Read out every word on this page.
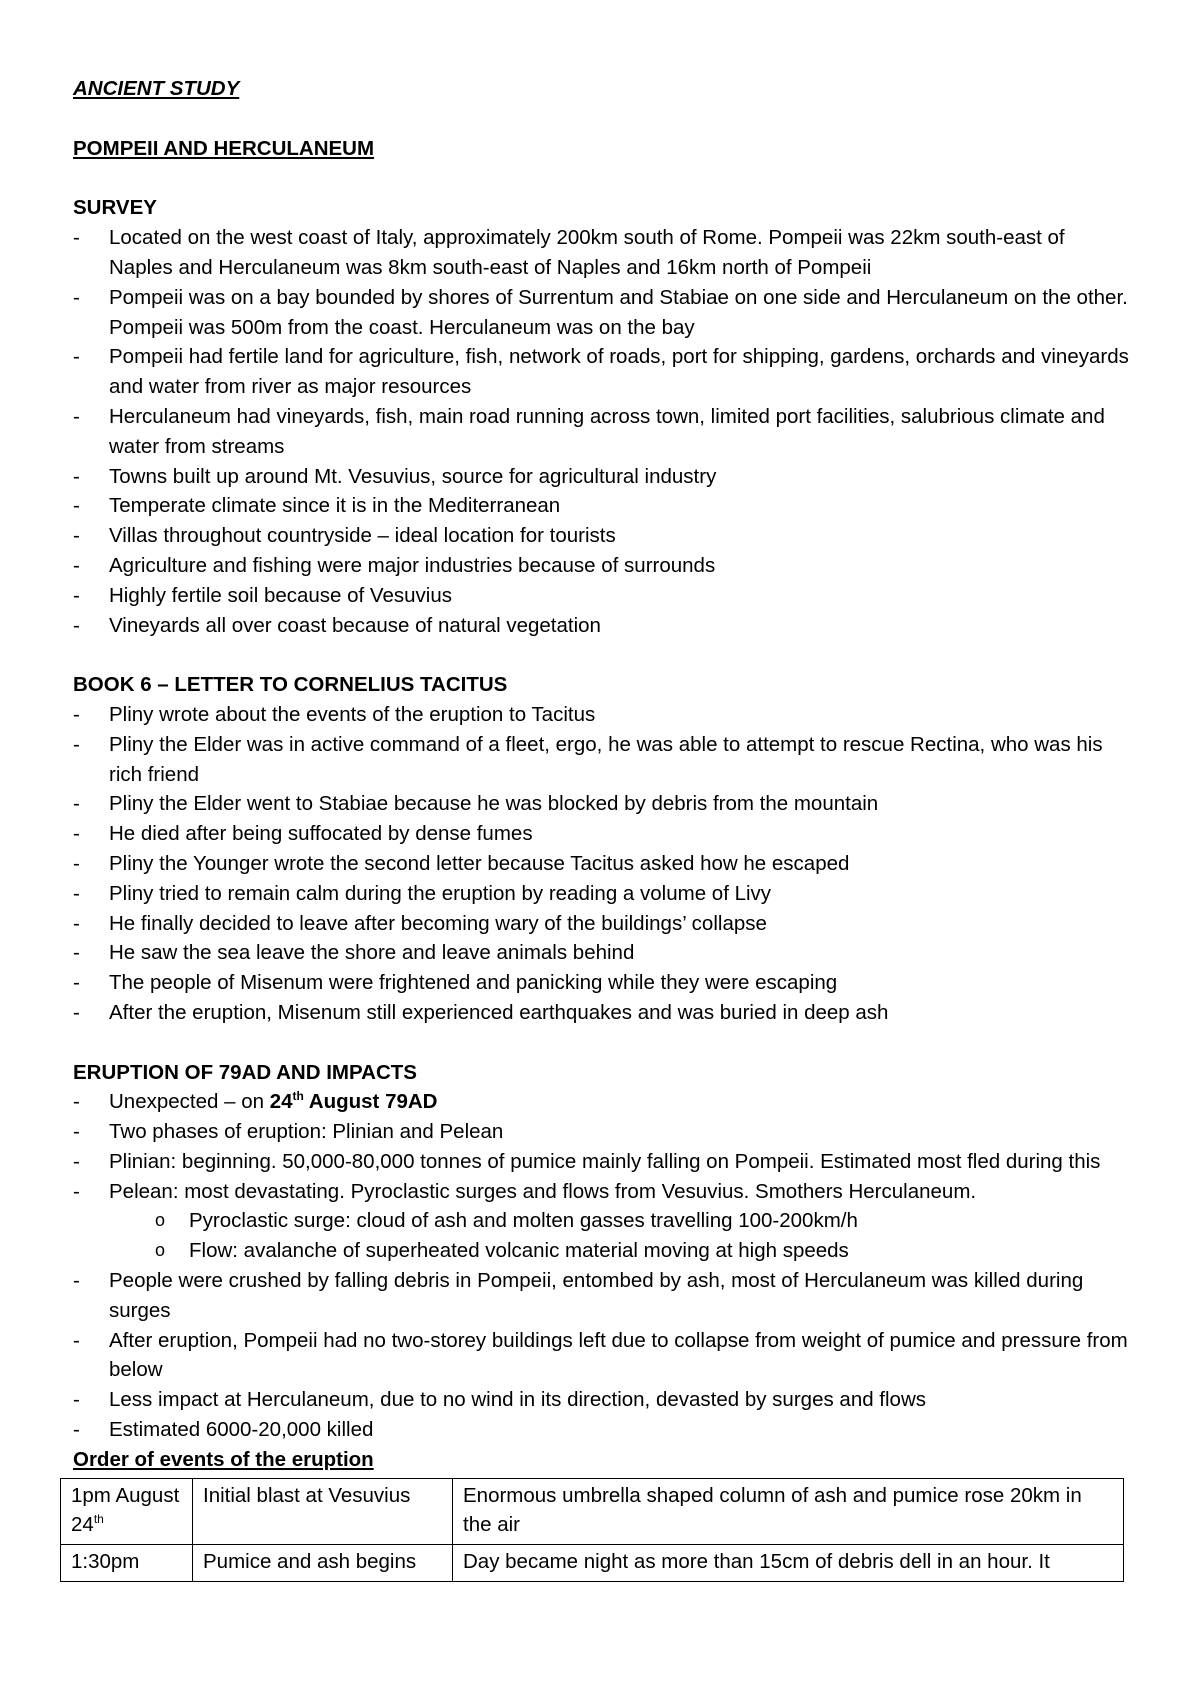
ANCIENT STUDY

POMPEII AND HERCULANEUM

SURVEY

- Located on the west coast of Italy, approximately 200km south of Rome. Pompeii was 22km south-east of Naples and Herculaneum was 8km south-east of Naples and 16km north of Pompeii
- Pompeii was on a bay bounded by shores of Surrentum and Stabiae on one side and Herculaneum on the other. Pompeii was 500m from the coast. Herculaneum was on the bay
- Pompeii had fertile land for agriculture, fish, network of roads, port for shipping, gardens, orchards and vineyards and water from river as major resources
- Herculaneum had vineyards, fish, main road running across town, limited port facilities, salubrious climate and water from streams
- Towns built up around Mt. Vesuvius, source for agricultural industry
- Temperate climate since it is in the Mediterranean
- Villas throughout countryside – ideal location for tourists
- Agriculture and fishing were major industries because of surrounds
- Highly fertile soil because of Vesuvius
- Vineyards all over coast because of natural vegetation

BOOK 6 – LETTER TO CORNELIUS TACITUS

- Pliny wrote about the events of the eruption to Tacitus
- Pliny the Elder was in active command of a fleet, ergo, he was able to attempt to rescue Rectina, who was his rich friend
- Pliny the Elder went to Stabiae because he was blocked by debris from the mountain
- He died after being suffocated by dense fumes
- Pliny the Younger wrote the second letter because Tacitus asked how he escaped
- Pliny tried to remain calm during the eruption by reading a volume of Livy
- He finally decided to leave after becoming wary of the buildings’ collapse
- He saw the sea leave the shore and leave animals behind
- The people of Misenum were frightened and panicking while they were escaping
- After the eruption, Misenum still experienced earthquakes and was buried in deep ash

ERUPTION OF 79AD AND IMPACTS

- Unexpected – on 24th August 79AD
- Two phases of eruption: Plinian and Pelean
- Plinian: beginning. 50,000-80,000 tonnes of pumice mainly falling on Pompeii. Estimated most fled during this
- Pelean: most devastating. Pyroclastic surges and flows from Vesuvius. Smothers Herculaneum.
o Pyroclastic surge: cloud of ash and molten gasses travelling 100-200km/h
o Flow: avalanche of superheated volcanic material moving at high speeds
- People were crushed by falling debris in Pompeii, entombed by ash, most of Herculaneum was killed during surges
- After eruption, Pompeii had no two-storey buildings left due to collapse from weight of pumice and pressure from below
- Less impact at Herculaneum, due to no wind in its direction, devasted by surges and flows
- Estimated 6000-20,000 killed

Order of events of the eruption

1pm August 24th	Initial blast at Vesuvius	Enormous umbrella shaped column of ash and pumice rose 20km in the air
1:30pm	Pumice and ash begins	Day became night as more than 15cm of debris dell in an hour. It
